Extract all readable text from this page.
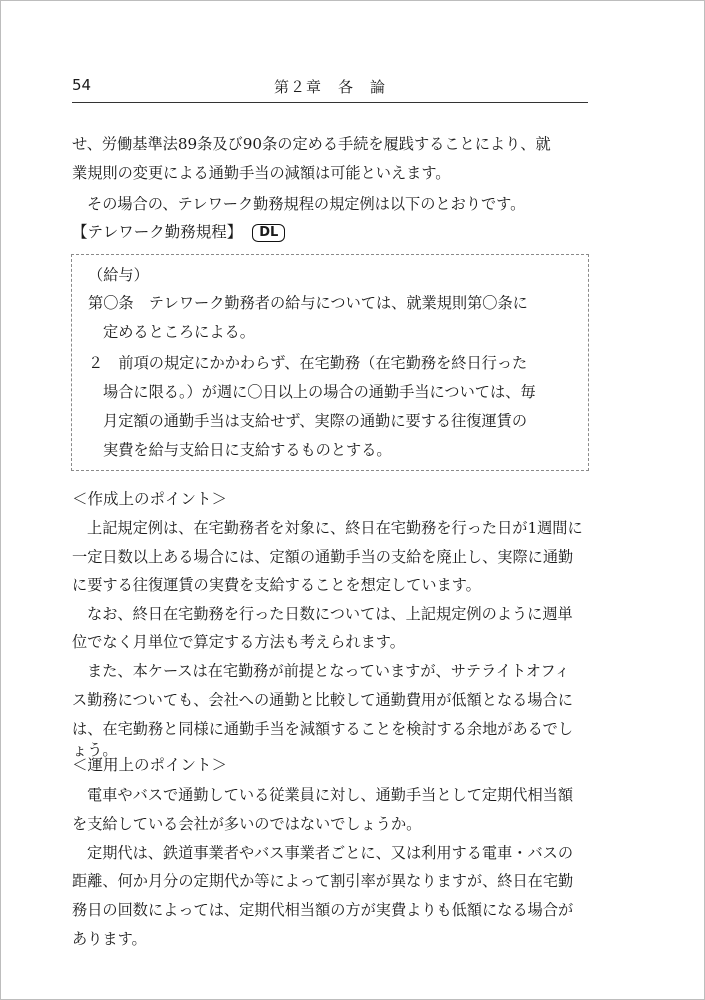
54	第２章　各　論
せ、労働基準法89条及び90条の定める手続を履践することにより、就
業規則の変更による通勤手当の減額は可能といえます。
その場合の、テレワーク勤務規程の規定例は以下のとおりです。
【テレワーク勤務規程】 DL
（給与）
第〇条　テレワーク勤務者の給与については、就業規則第〇条に
定めるところによる。
２　前項の規定にかかわらず、在宅勤務（在宅勤務を終日行った
場合に限る。）が週に〇日以上の場合の通勤手当については、毎
月定額の通勤手当は支給せず、実際の通勤に要する往復運賃の
実費を給与支給日に支給するものとする。
＜作成上のポイント＞
上記規定例は、在宅勤務者を対象に、終日在宅勤務を行った日が1週間に
一定日数以上ある場合には、定額の通勤手当の支給を廃止し、実際に通勤
に要する往復運賃の実費を支給することを想定しています。
なお、終日在宅勤務を行った日数については、上記規定例のように週単
位でなく月単位で算定する方法も考えられます。
また、本ケースは在宅勤務が前提となっていますが、サテライトオフィ
ス勤務についても、会社への通勤と比較して通勤費用が低額となる場合に
は、在宅勤務と同様に通勤手当を減額することを検討する余地があるでし
ょう。
＜運用上のポイント＞
電車やバスで通勤している従業員に対し、通勤手当として定期代相当額
を支給している会社が多いのではないでしょうか。
定期代は、鉄道事業者やバス事業者ごとに、又は利用する電車・バスの
距離、何か月分の定期代か等によって割引率が異なりますが、終日在宅勤
務日の回数によっては、定期代相当額の方が実費よりも低額になる場合が
あります。
